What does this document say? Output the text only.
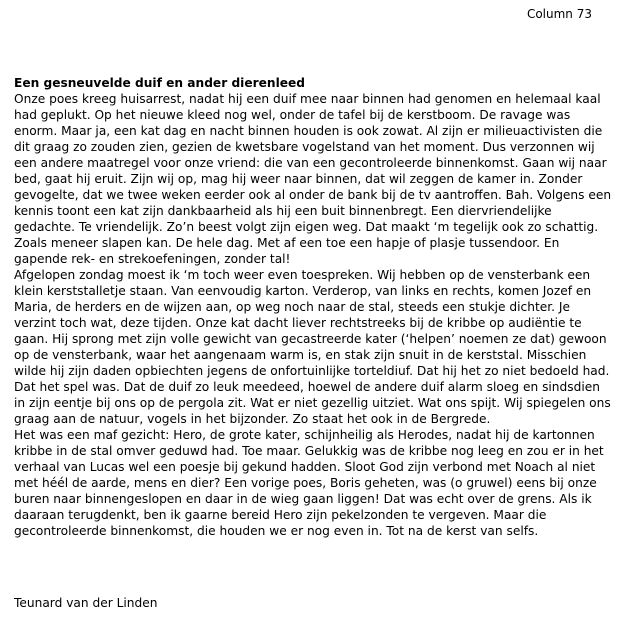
Column 73

Een gesneuvelde duif en ander dierenleed

Onze poes kreeg huisarrest, nadat hij een duif mee naar binnen had genomen en helemaal kaal had geplukt. Op het nieuwe kleed nog wel, onder de tafel bij de kerstboom. De ravage was enorm. Maar ja, een kat dag en nacht binnen houden is ook zowat. Al zijn er milieuactivisten die dit graag zo zouden zien, gezien de kwetsbare vogelstand van het moment. Dus verzonnen wij een andere maatregel voor onze vriend: die van een gecontroleerde binnenkomst. Gaan wij naar bed, gaat hij eruit. Zijn wij op, mag hij weer naar binnen, dat wil zeggen de kamer in. Zonder gevogelte, dat we twee weken eerder ook al onder de bank bij de tv aantroffen. Bah. Volgens een kennis toont een kat zijn dankbaarheid als hij een buit binnenbregt. Een diervriendelijke gedachte. Te vriendelijk. Zo’n beest volgt zijn eigen weg. Dat maakt ‘m tegelijk ook zo schattig. Zoals meneer slapen kan. De hele dag. Met af een toe een hapje of plasje tussendoor. En gapende rek- en strekoefeningen, zonder tal!

Afgelopen zondag moest ik ‘m toch weer even toespreken. Wij hebben op de vensterbank een klein kerststalletje staan. Van eenvoudig karton. Verderop, van links en rechts, komen Jozef en Maria, de herders en de wijzen aan, op weg noch naar de stal, steeds een stukje dichter. Je verzint toch wat, deze tijden. Onze kat dacht liever rechtstreeks bij de kribbe op audiëntie te gaan. Hij sprong met zijn volle gewicht van gecastreerde kater (‘helpen’ noemen ze dat) gewoon op de vensterbank, waar het aangenaam warm is, en stak zijn snuit in de kerststal. Misschien wilde hij zijn daden opbiechten jegens de onfortuinlijke torteldiuf. Dat hij het zo niet bedoeld had. Dat het spel was. Dat de duif zo leuk meedeed, hoewel de andere duif alarm sloeg en sindsdien in zijn eentje bij ons op de pergola zit. Wat er niet gezellig uitziet. Wat ons spijt. Wij spiegelen ons graag aan de natuur, vogels in het bijzonder. Zo staat het ook in de Bergrede.

Het was een maf gezicht: Hero, de grote kater, schijnheilig als Herodes, nadat hij de kartonnen kribbe in de stal omver geduwd had. Toe maar. Gelukkig was de kribbe nog leeg en zou er in het verhaal van Lucas wel een poesje bij gekund hadden. Sloot God zijn verbond met Noach al niet met héél de aarde, mens en dier? Een vorige poes, Boris geheten, was (o gruwel) eens bij onze buren naar binnengeslopen en daar in de wieg gaan liggen! Dat was echt over de grens. Als ik daaraan terugdenkt, ben ik gaarne bereid Hero zijn pekelzonden te vergeven. Maar die gecontroleerde binnenkomst, die houden we er nog even in. Tot na de kerst van selfs.

Teunard van der Linden
